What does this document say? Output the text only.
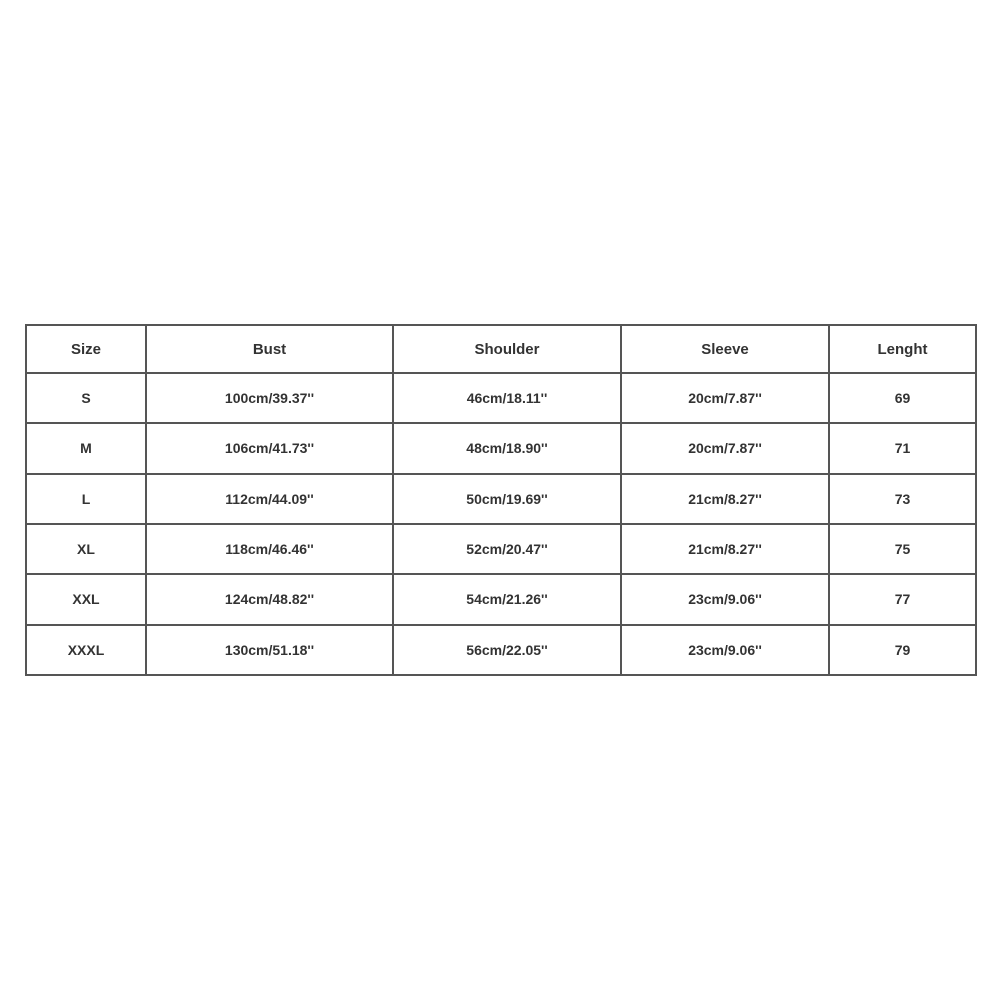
Size	Bust	Shoulder	Sleeve	Lenght
S	100cm/39.37''	46cm/18.11''	20cm/7.87''	69
M	106cm/41.73''	48cm/18.90''	20cm/7.87''	71
L	112cm/44.09''	50cm/19.69''	21cm/8.27''	73
XL	118cm/46.46''	52cm/20.47''	21cm/8.27''	75
XXL	124cm/48.82''	54cm/21.26''	23cm/9.06''	77
XXXL	130cm/51.18''	56cm/22.05''	23cm/9.06''	79
